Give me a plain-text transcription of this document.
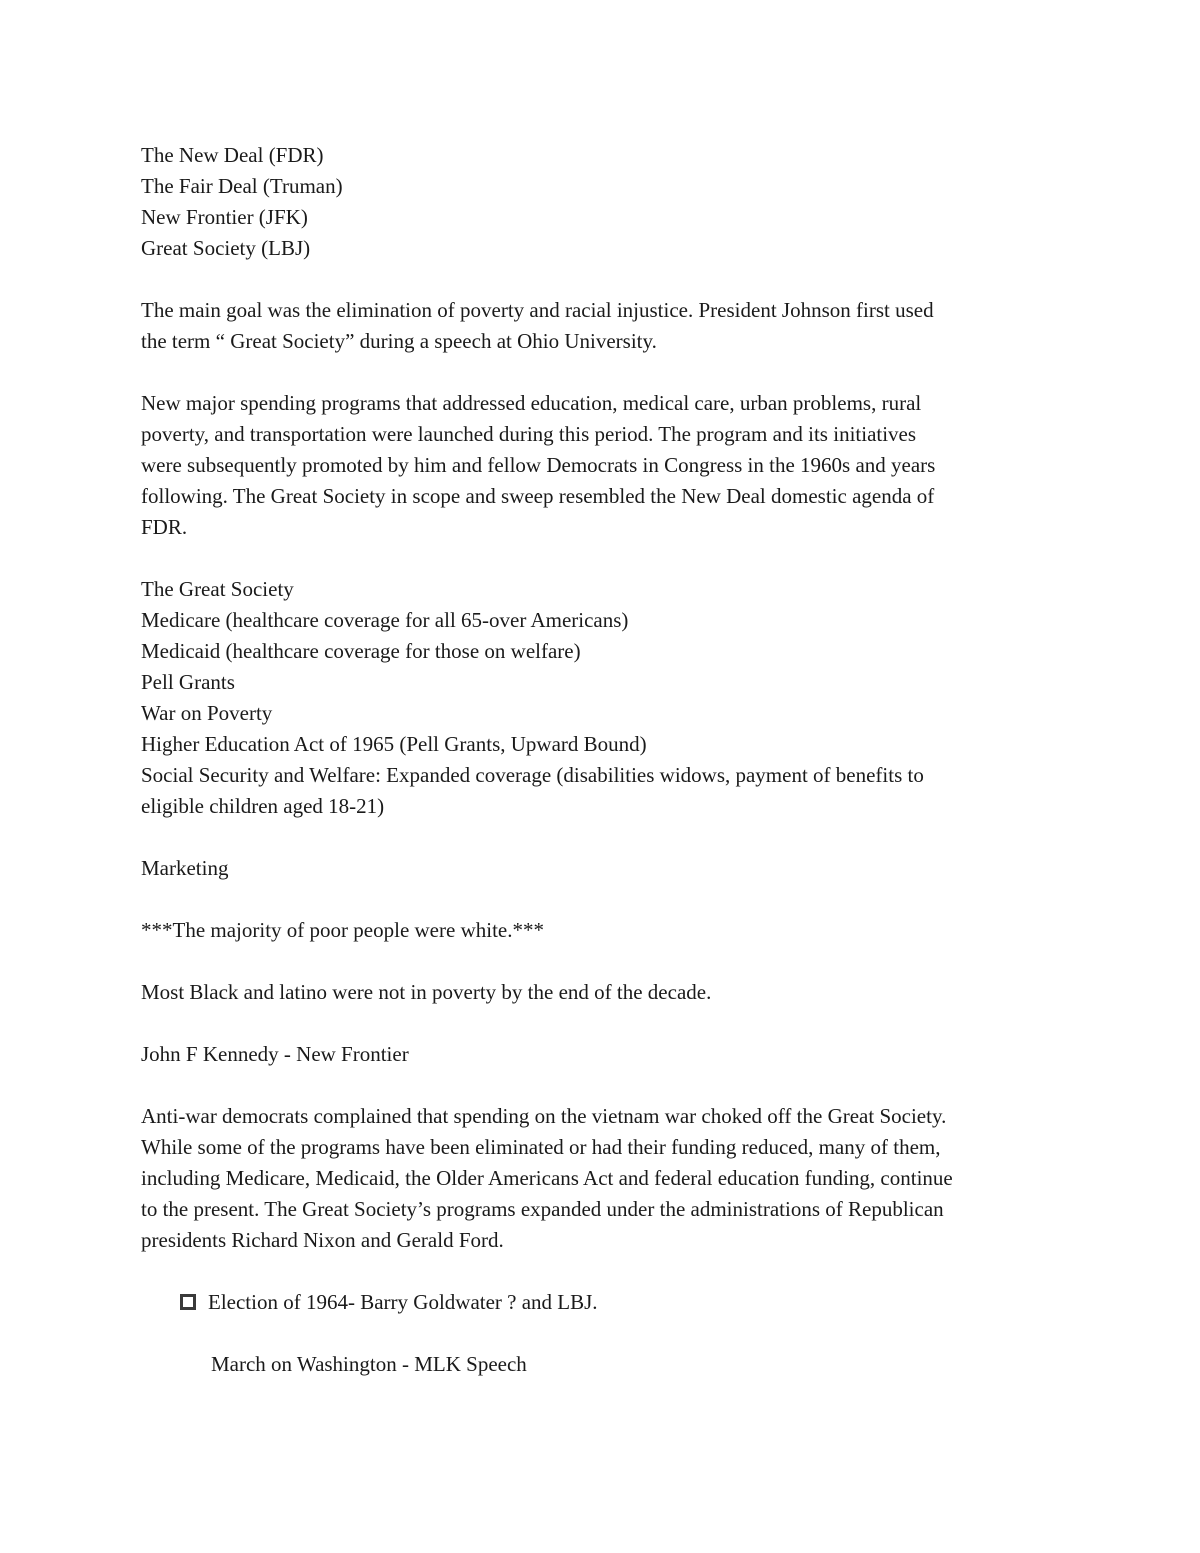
The New Deal (FDR)
The Fair Deal (Truman)
New Frontier (JFK)
Great Society (LBJ)
The main goal was the elimination of poverty and racial injustice. President Johnson first used
the term “ Great Society” during a speech at Ohio University.
New major spending programs that addressed education, medical care, urban problems, rural
poverty, and transportation were launched during this period. The program and its initiatives
were subsequently promoted by him and fellow Democrats in Congress in the 1960s and years
following. The Great Society in scope and sweep resembled the New Deal domestic agenda of
FDR.
The Great Society
Medicare (healthcare coverage for all 65-over Americans)
Medicaid (healthcare coverage for those on welfare)
Pell Grants
War on Poverty
Higher Education Act of 1965 (Pell Grants, Upward Bound)
Social Security and Welfare: Expanded coverage (disabilities widows, payment of benefits to
eligible children aged 18-21)
Marketing
***The majority of poor people were white.***
Most Black and latino were not in poverty by the end of the decade.
John F Kennedy - New Frontier
Anti-war democrats complained that spending on the vietnam war choked off the Great Society.
While some of the programs have been eliminated or had their funding reduced, many of them,
including Medicare, Medicaid, the Older Americans Act and federal education funding, continue
to the present. The Great Society’s programs expanded under the administrations of Republican
presidents Richard Nixon and Gerald Ford.
Election of 1964- Barry Goldwater ? and LBJ.
March on Washington - MLK Speech
